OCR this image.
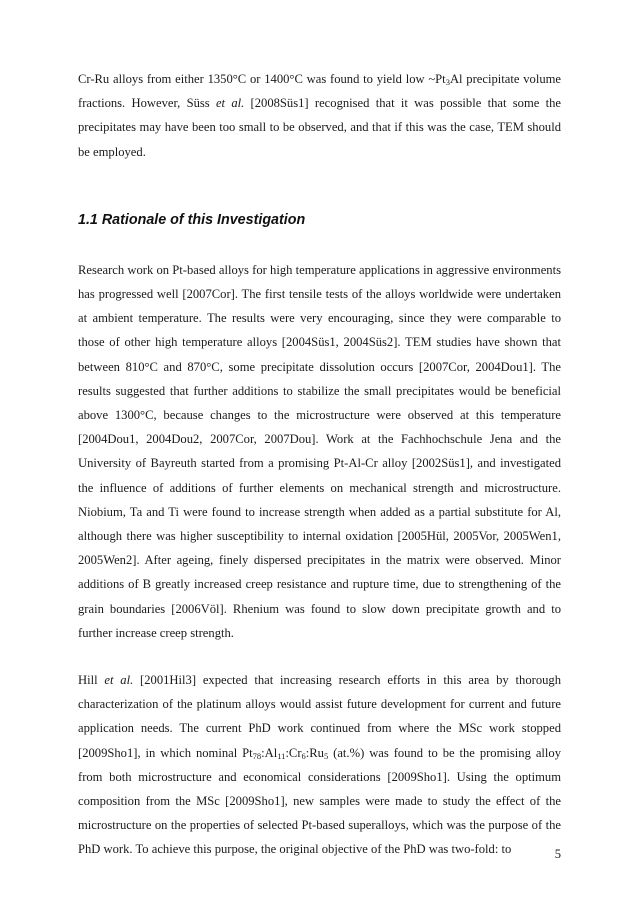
Cr-Ru alloys from either 1350°C or 1400°C was found to yield low $\sim Pt_3Al$ precipitate volume fractions. However, Süss et al. [2008Süs1] recognised that it was possible that some the precipitates may have been too small to be observed, and that if this was the case, TEM should be employed.

1.1 Rationale of this Investigation

Research work on Pt-based alloys for high temperature applications in aggressive environments has progressed well [2007Cor]. The first tensile tests of the alloys worldwide were undertaken at ambient temperature. The results were very encouraging, since they were comparable to those of other high temperature alloys [2004Süs1, 2004Süs2]. TEM studies have shown that between 810°C and 870°C, some precipitate dissolution occurs [2007Cor, 2004Dou1]. The results suggested that further additions to stabilize the small precipitates would be beneficial above 1300°C, because changes to the microstructure were observed at this temperature [2004Dou1, 2004Dou2, 2007Cor, 2007Dou]. Work at the Fachhochschule Jena and the University of Bayreuth started from a promising Pt-Al-Cr alloy [2002Süs1], and investigated the influence of additions of further elements on mechanical strength and microstructure. Niobium, Ta and Ti were found to increase strength when added as a partial substitute for Al, although there was higher susceptibility to internal oxidation [2005Hül, 2005Vor, 2005Wen1, 2005Wen2]. After ageing, finely dispersed precipitates in the matrix were observed. Minor additions of B greatly increased creep resistance and rupture time, due to strengthening of the grain boundaries [2006Völ]. Rhenium was found to slow down precipitate growth and to further increase creep strength.

Hill et al. [2001Hil3] expected that increasing research efforts in this area by thorough characterization of the platinum alloys would assist future development for current and future application needs. The current PhD work continued from where the MSc work stopped [2009Sho1], in which nominal $Pt_{78}:Al_{11}:Cr_6:Ru_5$ (at.%) was found to be the promising alloy from both microstructure and economical considerations [2009Sho1]. Using the optimum composition from the MSc [2009Sho1], new samples were made to study the effect of the microstructure on the properties of selected Pt-based superalloys, which was the purpose of the PhD work. To achieve this purpose, the original objective of the PhD was two-fold: to	5
